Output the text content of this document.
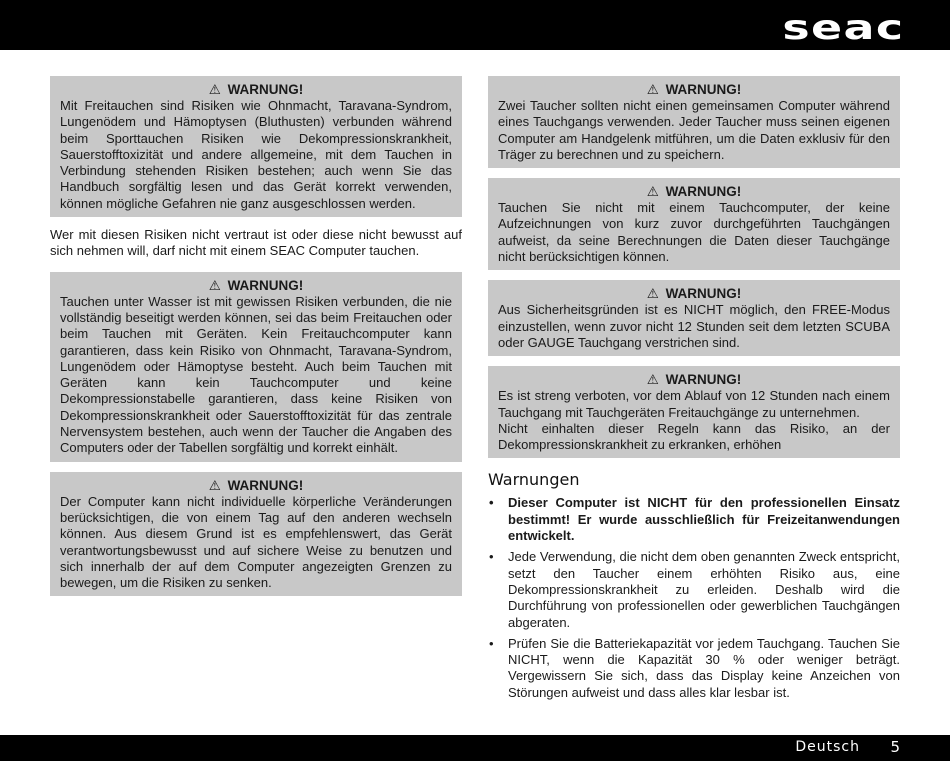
seac
⚠ WARNUNG!
Mit Freitauchen sind Risiken wie Ohnmacht, Taravana-Syndrom, Lungenödem und Hämoptysen (Bluthusten) verbunden während beim Sporttauchen Risiken wie Dekompressionskrankheit, Sauerstofftoxizität und andere allgemeine, mit dem Tauchen in Verbindung stehenden Risiken bestehen; auch wenn Sie das Handbuch sorgfältig lesen und das Gerät korrekt verwenden, können mögliche Gefahren nie ganz ausgeschlossen werden.
Wer mit diesen Risiken nicht vertraut ist oder diese nicht bewusst auf sich nehmen will, darf nicht mit einem SEAC Computer tauchen.
⚠ WARNUNG!
Tauchen unter Wasser ist mit gewissen Risiken verbunden, die nie vollständig beseitigt werden können, sei das beim Freitauchen oder beim Tauchen mit Geräten. Kein Freitauchcomputer kann garantieren, dass kein Risiko von Ohnmacht, Taravana-Syndrom, Lungenödem oder Hämoptyse besteht. Auch beim Tauchen mit Geräten kann kein Tauchcomputer und keine Dekompressionstabelle garantieren, dass keine Risiken von Dekompressionskrankheit oder Sauerstofftoxizität für das zentrale Nervensystem bestehen, auch wenn der Taucher die Angaben des Computers oder der Tabellen sorgfältig und korrekt einhält.
⚠ WARNUNG!
Der Computer kann nicht individuelle körperliche Veränderungen berücksichtigen, die von einem Tag auf den anderen wechseln können. Aus diesem Grund ist es empfehlenswert, das Gerät verantwortungsbewusst und auf sichere Weise zu benutzen und sich innerhalb der auf dem Computer angezeigten Grenzen zu bewegen, um die Risiken zu senken.
⚠ WARNUNG!
Zwei Taucher sollten nicht einen gemeinsamen Computer während eines Tauchgangs verwenden. Jeder Taucher muss seinen eigenen Computer am Handgelenk mitführen, um die Daten exklusiv für den Träger zu berechnen und zu speichern.
⚠ WARNUNG!
Tauchen Sie nicht mit einem Tauchcomputer, der keine Aufzeichnungen von kurz zuvor durchgeführten Tauchgängen aufweist, da seine Berechnungen die Daten dieser Tauchgänge nicht berücksichtigen können.
⚠ WARNUNG!
Aus Sicherheitsgründen ist es NICHT möglich, den FREE-Modus einzustellen, wenn zuvor nicht 12 Stunden seit dem letzten SCUBA oder GAUGE Tauchgang verstrichen sind.
⚠ WARNUNG!
Es ist streng verboten, vor dem Ablauf von 12 Stunden nach einem Tauchgang mit Tauchgeräten Freitauchgänge zu unternehmen.
Nicht einhalten dieser Regeln kann das Risiko, an der Dekompressionskrankheit zu erkranken, erhöhen
Warnungen
• Dieser Computer ist NICHT für den professionellen Einsatz bestimmt! Er wurde ausschließlich für Freizeitanwendungen entwickelt.
• Jede Verwendung, die nicht dem oben genannten Zweck entspricht, setzt den Taucher einem erhöhten Risiko aus, eine Dekompressionskrankheit zu erleiden. Deshalb wird die Durchführung von professionellen oder gewerblichen Tauchgängen abgeraten.
• Prüfen Sie die Batteriekapazität vor jedem Tauchgang. Tauchen Sie NICHT, wenn die Kapazität 30 % oder weniger beträgt. Vergewissern Sie sich, dass das Display keine Anzeichen von Störungen aufweist und dass alles klar lesbar ist.
Deutsch 5
